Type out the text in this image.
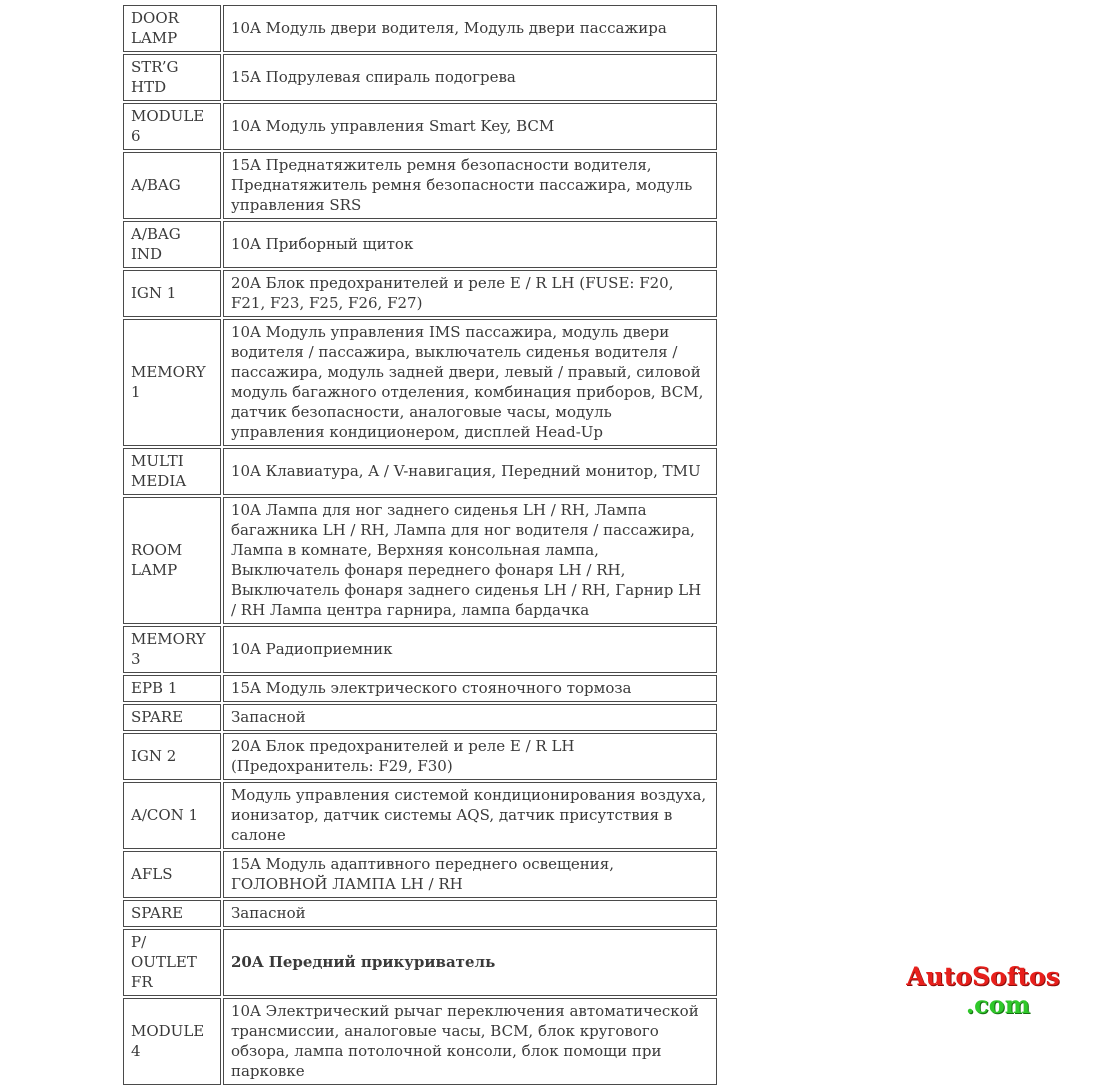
DOOR LAMP	10A Модуль двери водителя, Модуль двери пассажира
STR’G HTD	15A Подрулевая спираль подогрева
MODULE 6	10A Модуль управления Smart Key, BCM
A/BAG	15A Преднатяжитель ремня безопасности водителя, Преднатяжитель ремня безопасности пассажира, модуль управления SRS
A/BAG IND	10A Приборный щиток
IGN 1	20A Блок предохранителей и реле E / R LH (FUSE: F20, F21, F23, F25, F26, F27)
MEMORY 1	10A Модуль управления IMS пассажира, модуль двери водителя / пассажира, выключатель сиденья водителя / пассажира, модуль задней двери, левый / правый, силовой модуль багажного отделения, комбинация приборов, BCM, датчик безопасности, аналоговые часы, модуль управления кондиционером, дисплей Head-Up
MULTI MEDIA	10A Клавиатура, A / V-навигация, Передний монитор, TMU
ROOM LAMP	10A Лампа для ног заднего сиденья LH / RH, Лампа багажника LH / RH, Лампа для ног водителя / пассажира, Лампа в комнате, Верхняя консольная лампа, Выключатель фонаря переднего фонаря LH / RH, Выключатель фонаря заднего сиденья LH / RH, Гарнир LH / RH Лампа центра гарнира, лампа бардачка
MEMORY 3	10A Радиоприемник
EPB 1	15A Модуль электрического стояночного тормоза
SPARE	Запасной
IGN 2	20A Блок предохранителей и реле E / R LH (Предохранитель: F29, F30)
A/CON 1	Модуль управления системой кондиционирования воздуха, ионизатор, датчик системы AQS, датчик присутствия в салоне
AFLS	15A Модуль адаптивного переднего освещения, ГОЛОВНОЙ ЛАМПА LH / RH
SPARE	Запасной
P/ OUTLET FR	20A Передний прикуриватель
MODULE 4	10A Электрический рычаг переключения автоматической трансмиссии, аналоговые часы, BCM, блок кругового обзора, лампа потолочной консоли, блок помощи при парковке
AutoSoftos
.com
